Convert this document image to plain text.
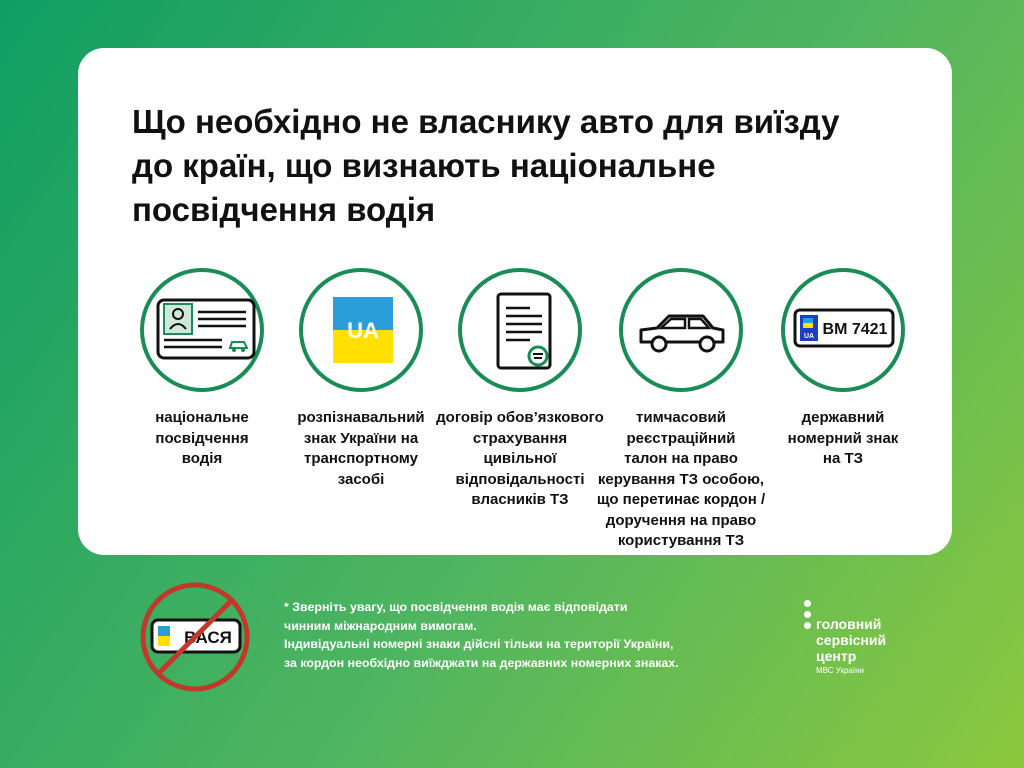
Що необхідно не власнику авто для виїзду
до країн, що визнають національне
посвідчення водія
національне
посвідчення
водія
UA
розпізнавальний
знак України на
транспортному
засобі
договір обов’язкового
страхування цивільної
відповідальності
власників ТЗ
тимчасовий
реєстраційний
талон на право
керування ТЗ особою,
що перетинає кордон /
доручення на право
користування ТЗ
UA BM 7421
державний
номерний знак
на ТЗ
ВАСЯ
* Зверніть увагу, що посвідчення водія має відповідати
чинним міжнародним вимогам.
Індивідуальні номерні знаки дійсні тільки на території України,
за кордон необхідно виїжджати на державних номерних знаках.
головний
сервісний
центр
МВС України
